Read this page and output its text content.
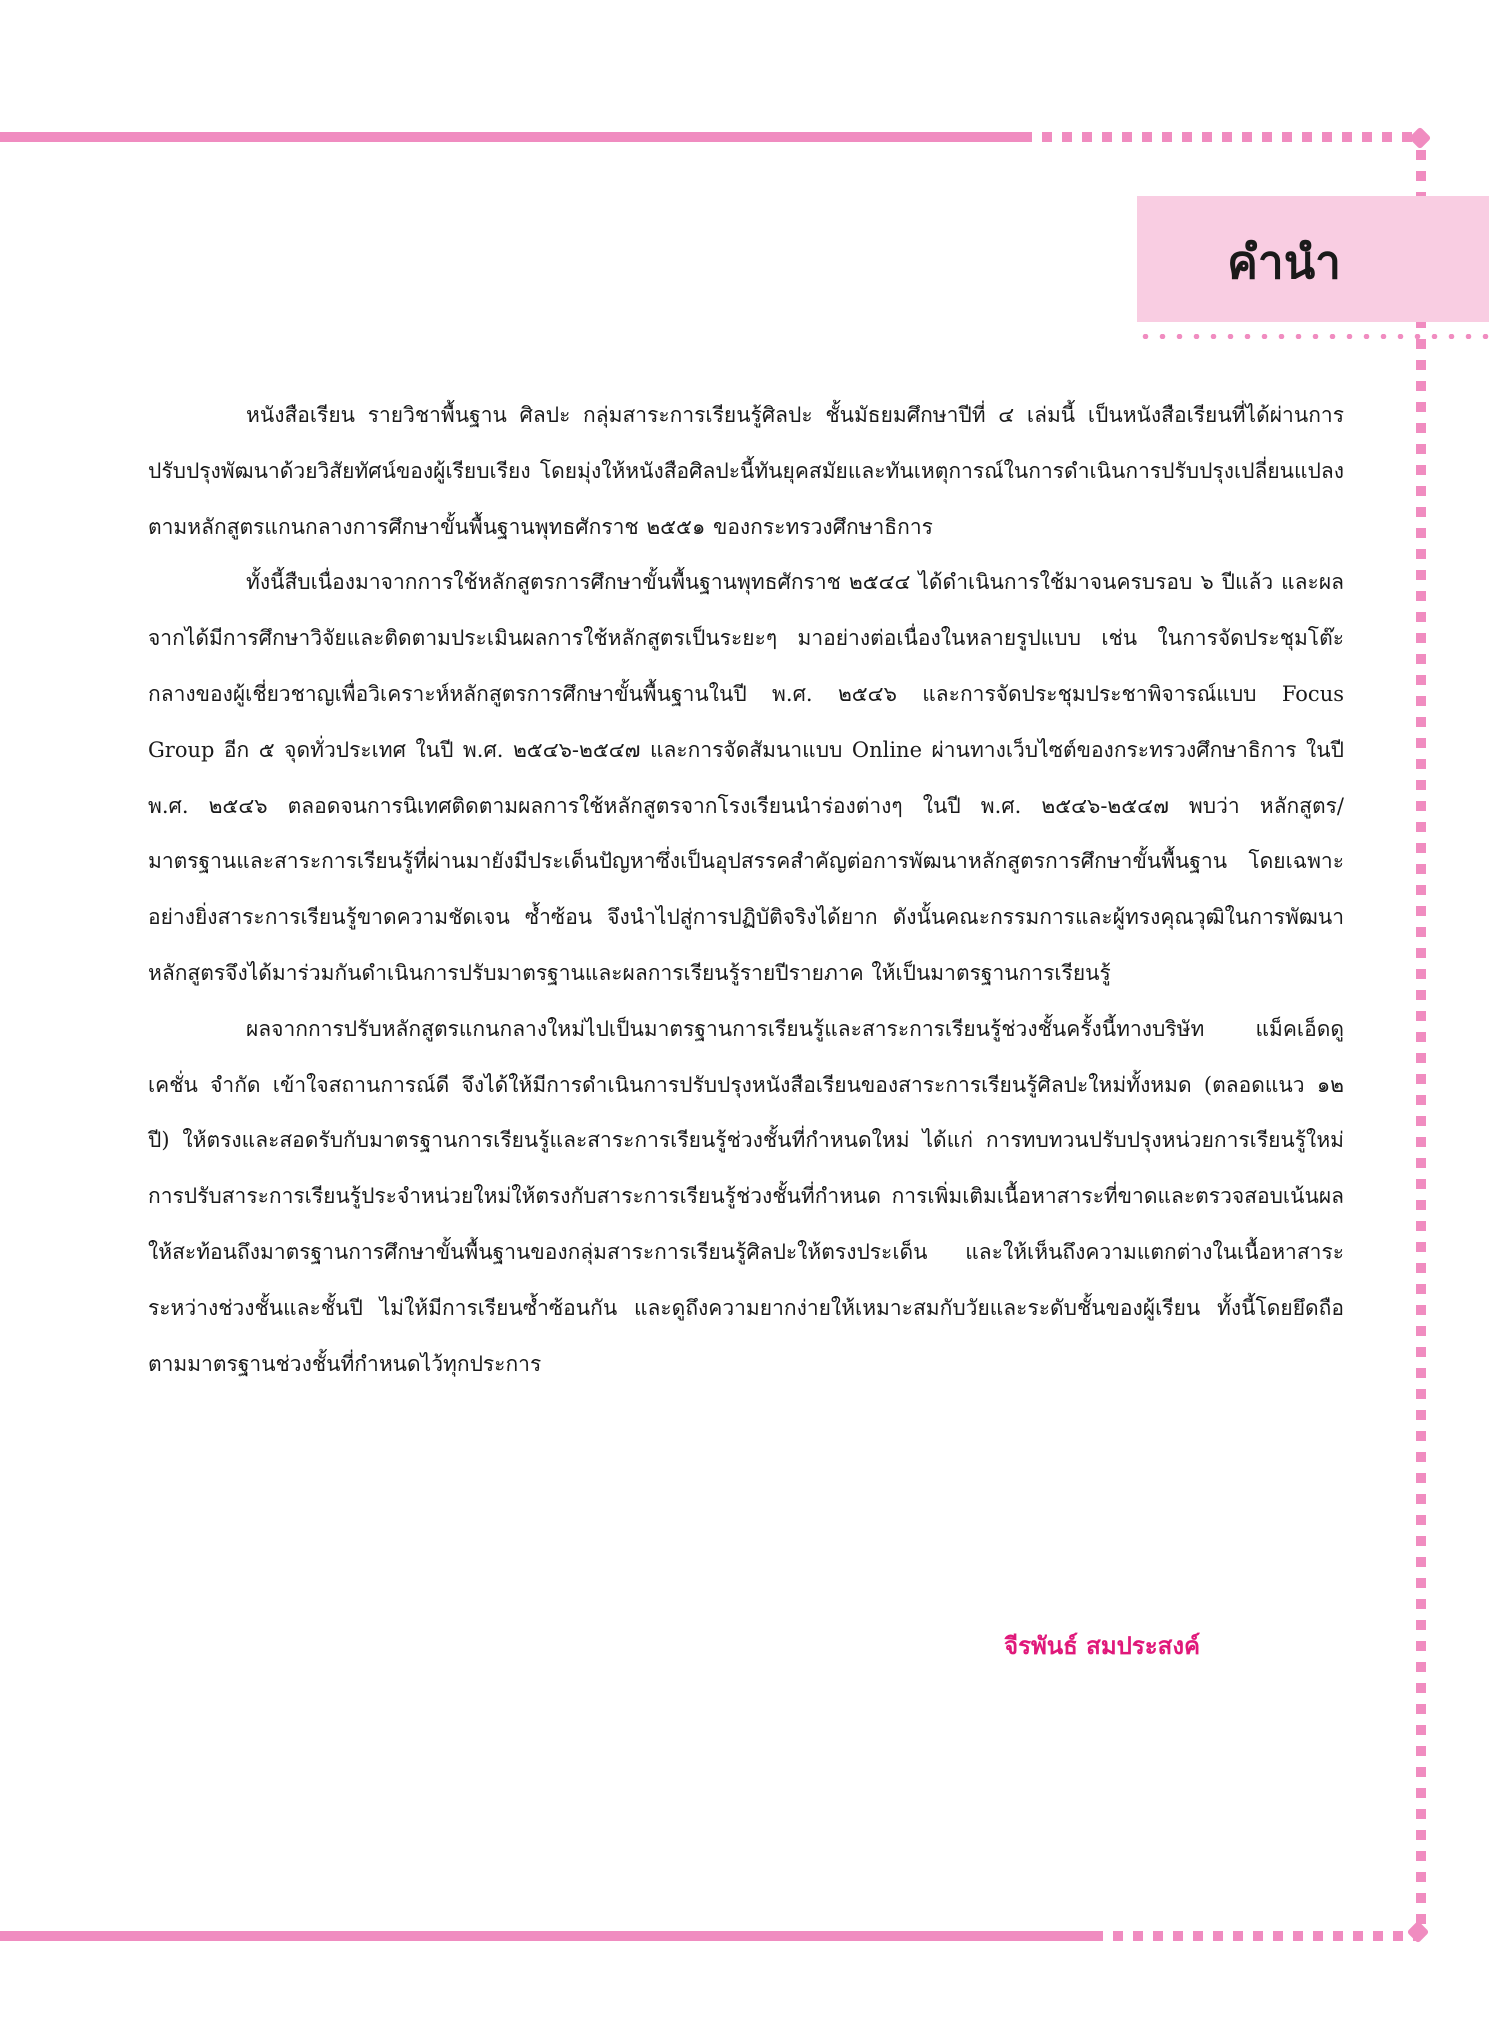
คำนำ

หนังสือเรียน รายวิชาพื้นฐาน ศิลปะ กลุ่มสาระการเรียนรู้ศิลปะ ชั้นมัธยมศึกษาปีที่ ๔ เล่มนี้ เป็นหนังสือเรียนที่ได้ผ่านการปรับปรุงพัฒนาด้วยวิสัยทัศน์ของผู้เรียบเรียง โดยมุ่งให้หนังสือศิลปะนี้ทันยุคสมัยและทันเหตุการณ์ในการดำเนินการปรับปรุงเปลี่ยนแปลงตามหลักสูตรแกนกลางการศึกษาขั้นพื้นฐานพุทธศักราช ๒๕๕๑ ของกระทรวงศึกษาธิการ

ทั้งนี้สืบเนื่องมาจากการใช้หลักสูตรการศึกษาขั้นพื้นฐานพุทธศักราช ๒๕๔๔ ได้ดำเนินการใช้มาจนครบรอบ ๖ ปีแล้ว และผลจากได้มีการศึกษาวิจัยและติดตามประเมินผลการใช้หลักสูตรเป็นระยะๆ มาอย่างต่อเนื่องในหลายรูปแบบ เช่น ในการจัดประชุมโต๊ะกลางของผู้เชี่ยวชาญเพื่อวิเคราะห์หลักสูตรการศึกษาขั้นพื้นฐานในปี พ.ศ. ๒๕๔๖ และการจัดประชุมประชาพิจารณ์แบบ Focus Group อีก ๕ จุดทั่วประเทศ ในปี พ.ศ. ๒๕๔๖-๒๕๔๗ และการจัดสัมนาแบบ Online ผ่านทางเว็บไซต์ของกระทรวงศึกษาธิการ ในปี พ.ศ. ๒๕๔๖ ตลอดจนการนิเทศติดตามผลการใช้หลักสูตรจากโรงเรียนนำร่องต่างๆ ในปี พ.ศ. ๒๕๔๖-๒๕๔๗ พบว่า หลักสูตร/มาตรฐานและสาระการเรียนรู้ที่ผ่านมายังมีประเด็นปัญหาซึ่งเป็นอุปสรรคสำคัญต่อการพัฒนาหลักสูตรการศึกษาขั้นพื้นฐาน โดยเฉพาะอย่างยิ่งสาระการเรียนรู้ขาดความชัดเจน ซ้ำซ้อน จึงนำไปสู่การปฏิบัติจริงได้ยาก ดังนั้นคณะกรรมการและผู้ทรงคุณวุฒิในการพัฒนาหลักสูตรจึงได้มาร่วมกันดำเนินการปรับมาตรฐานและผลการเรียนรู้รายปีรายภาค ให้เป็นมาตรฐานการเรียนรู้

ผลจากการปรับหลักสูตรแกนกลางใหม่ไปเป็นมาตรฐานการเรียนรู้และสาระการเรียนรู้ช่วงชั้นครั้งนี้ทางบริษัท แม็คเอ็ดดูเคชั่น จำกัด เข้าใจสถานการณ์ดี จึงได้ให้มีการดำเนินการปรับปรุงหนังสือเรียนของสาระการเรียนรู้ศิลปะใหม่ทั้งหมด (ตลอดแนว ๑๒ ปี) ให้ตรงและสอดรับกับมาตรฐานการเรียนรู้และสาระการเรียนรู้ช่วงชั้นที่กำหนดใหม่ ได้แก่ การทบทวนปรับปรุงหน่วยการเรียนรู้ใหม่ การปรับสาระการเรียนรู้ประจำหน่วยใหม่ให้ตรงกับสาระการเรียนรู้ช่วงชั้นที่กำหนด การเพิ่มเติมเนื้อหาสาระที่ขาดและตรวจสอบเน้นผลให้สะท้อนถึงมาตรฐานการศึกษาขั้นพื้นฐานของกลุ่มสาระการเรียนรู้ศิลปะให้ตรงประเด็น และให้เห็นถึงความแตกต่างในเนื้อหาสาระระหว่างช่วงชั้นและชั้นปี ไม่ให้มีการเรียนซ้ำซ้อนกัน และดูถึงความยากง่ายให้เหมาะสมกับวัยและระดับชั้นของผู้เรียน ทั้งนี้โดยยึดถือตามมาตรฐานช่วงชั้นที่กำหนดไว้ทุกประการ

จีรพันธ์ สมประสงค์
